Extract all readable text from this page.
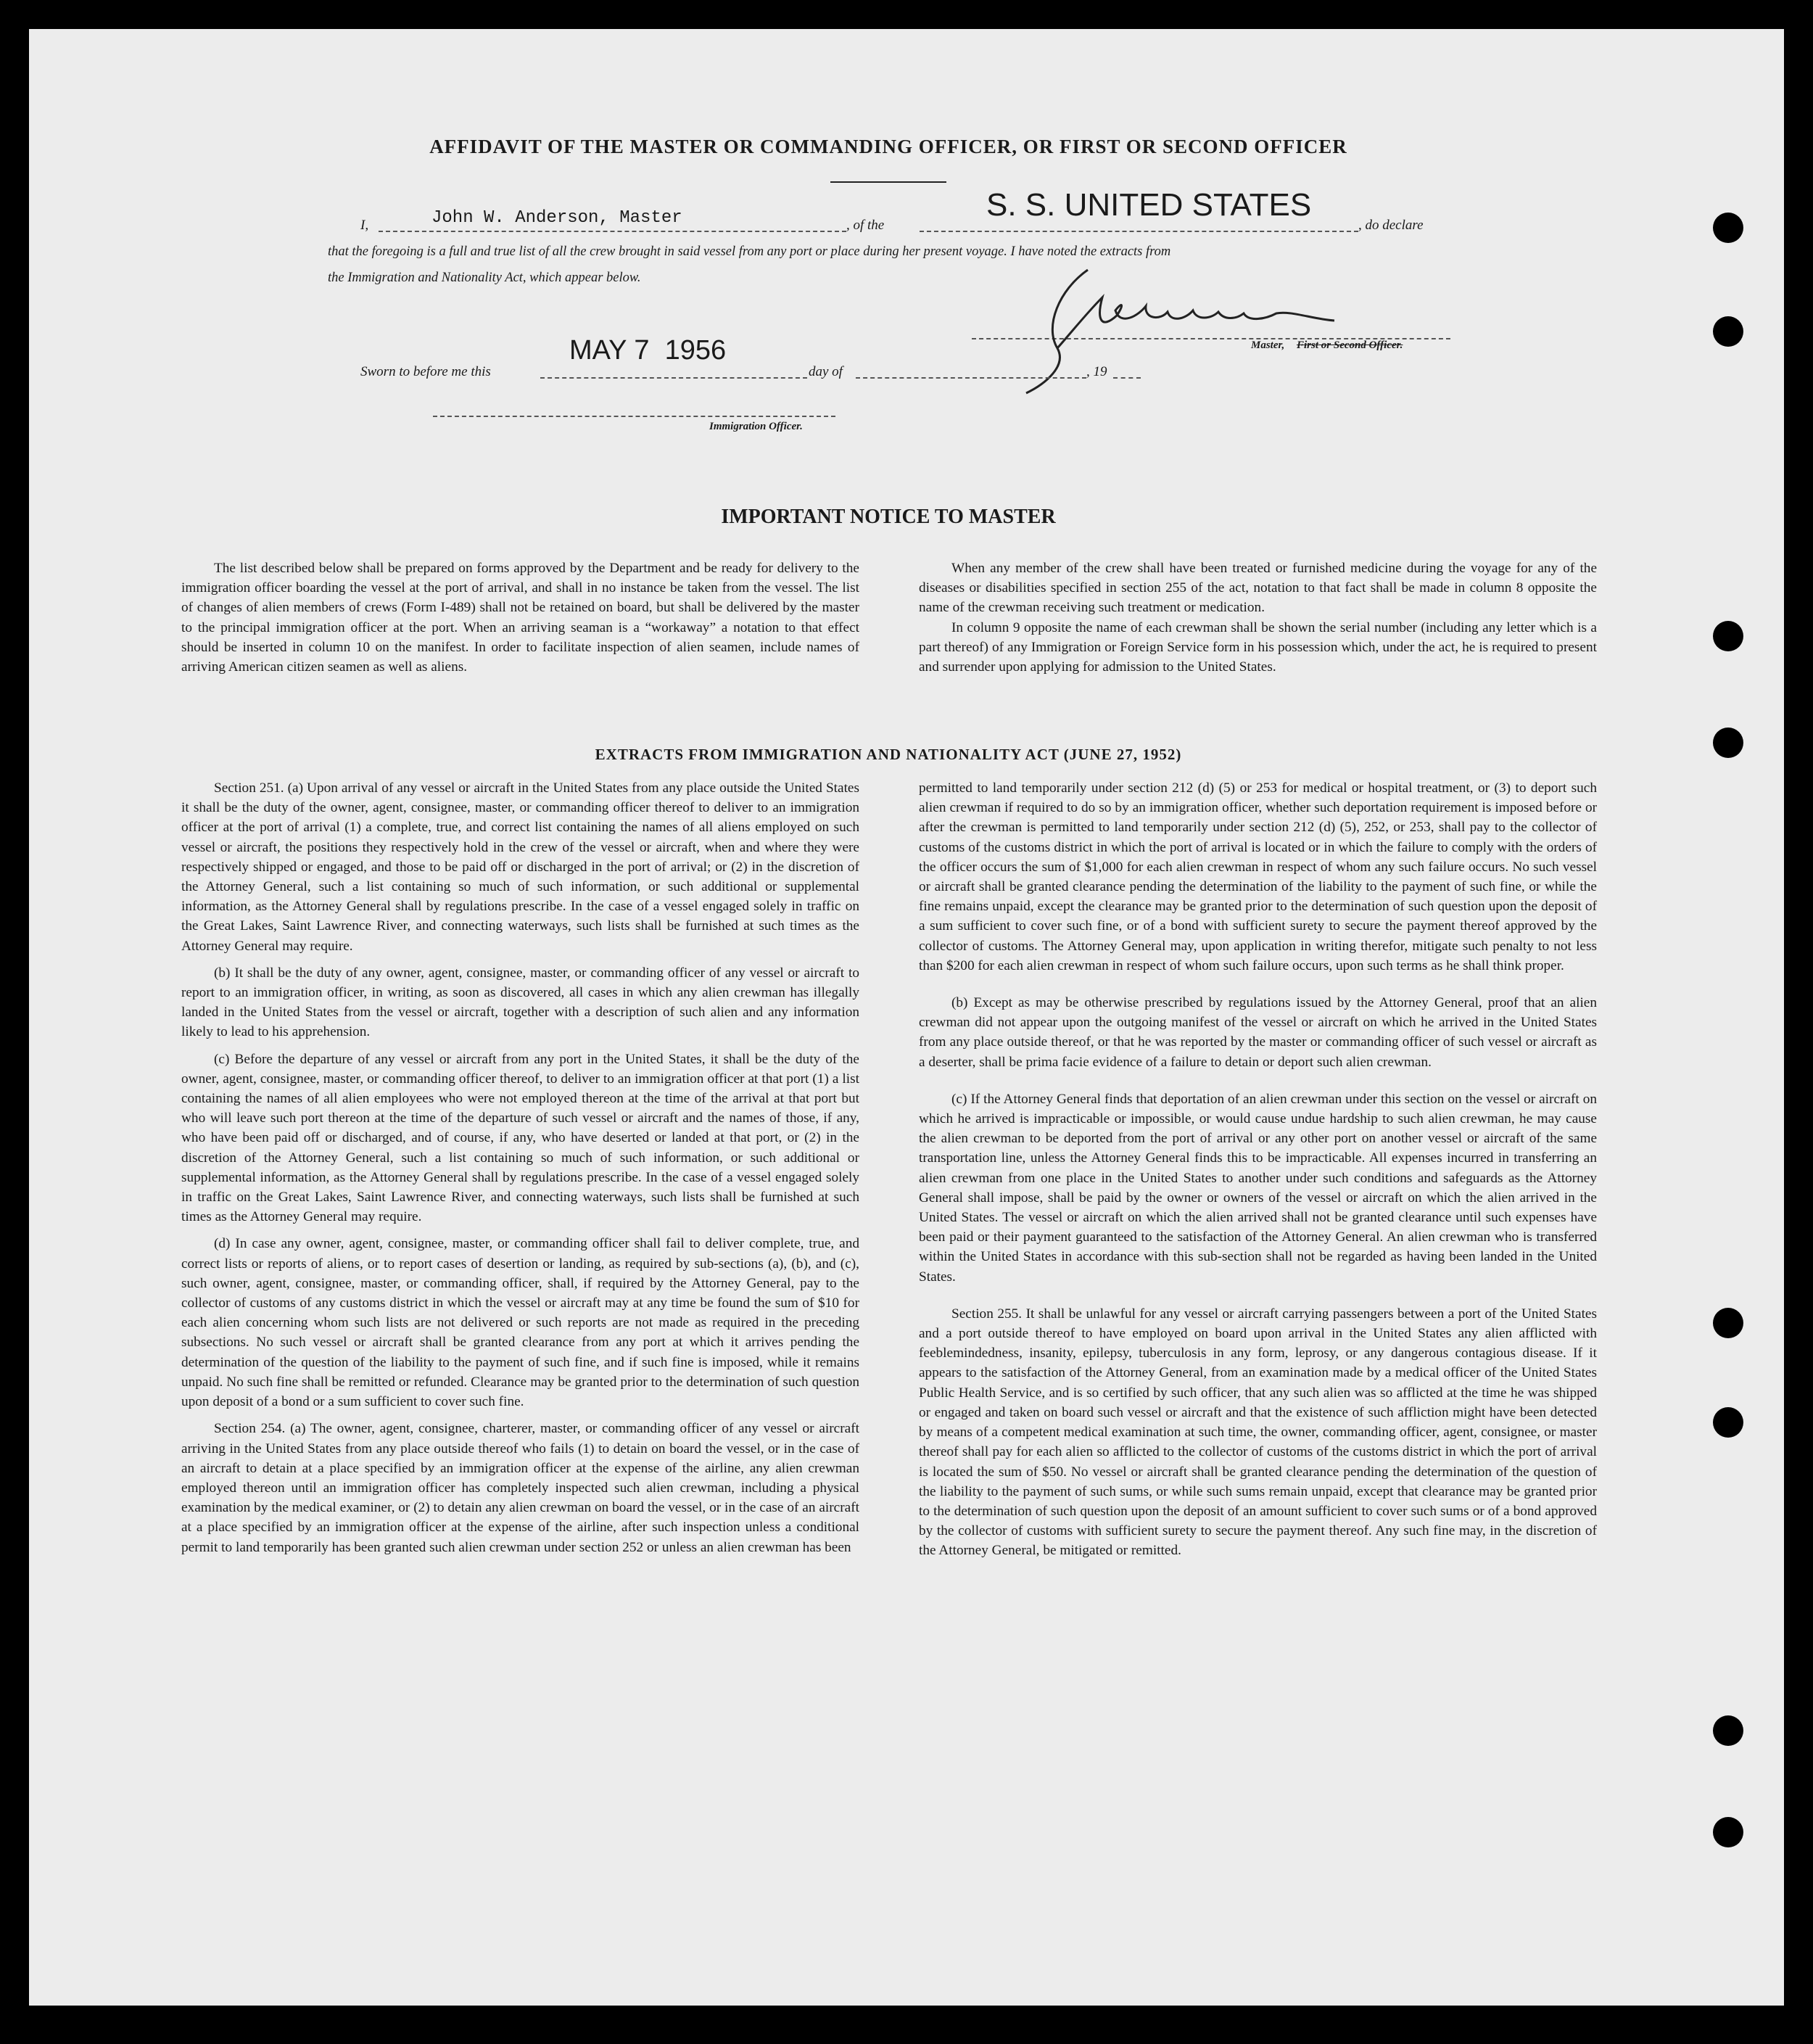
AFFIDAVIT OF THE MASTER OR COMMANDING OFFICER, OR FIRST OR SECOND OFFICER
I,	John W. Anderson, Master	, of the
S. S. UNITED STATES
, do declare
that the foregoing is a full and true list of all the crew brought in said vessel from any port or place during her present voyage. I have noted the extracts from
the Immigration and Nationality Act, which appear below.
Master, First or Second Officer.
Sworn to before me this
MAY 7  1956
day of	, 19
Immigration Officer.
IMPORTANT NOTICE TO MASTER

The list described below shall be prepared on forms approved by the Department and be ready for delivery to the immigration officer boarding the vessel at the port of arrival, and shall in no instance be taken from the vessel. The list of changes of alien members of crews (Form I-489) shall not be retained on board, but shall be delivered by the master to the principal immigration officer at the port. When an arriving seaman is a “workaway” a notation to that effect should be inserted in column 10 on the manifest. In order to facilitate inspection of alien seamen, include names of arriving American citizen seamen as well as aliens.

When any member of the crew shall have been treated or furnished medicine during the voyage for any of the diseases or disabilities specified in section 255 of the act, notation to that fact shall be made in column 8 opposite the name of the crewman receiving such treatment or medication.

In column 9 opposite the name of each crewman shall be shown the serial number (including any letter which is a part thereof) of any Immigration or Foreign Service form in his possession which, under the act, he is required to present and surrender upon applying for admission to the United States.

EXTRACTS FROM IMMIGRATION AND NATIONALITY ACT (JUNE 27, 1952)

Section 251. (a) Upon arrival of any vessel or aircraft in the United States from any place outside the United States it shall be the duty of the owner, agent, consignee, master, or commanding officer thereof to deliver to an immigration officer at the port of arrival (1) a complete, true, and correct list containing the names of all aliens employed on such vessel or aircraft, the positions they respectively hold in the crew of the vessel or aircraft, when and where they were respectively shipped or engaged, and those to be paid off or discharged in the port of arrival; or (2) in the discretion of the Attorney General, such a list containing so much of such information, or such additional or supplemental information, as the Attorney General shall by regulations prescribe. In the case of a vessel engaged solely in traffic on the Great Lakes, Saint Lawrence River, and connecting waterways, such lists shall be furnished at such times as the Attorney General may require.

(b) It shall be the duty of any owner, agent, consignee, master, or commanding officer of any vessel or aircraft to report to an immigration officer, in writing, as soon as discovered, all cases in which any alien crewman has illegally landed in the United States from the vessel or aircraft, together with a description of such alien and any information likely to lead to his apprehension.

(c) Before the departure of any vessel or aircraft from any port in the United States, it shall be the duty of the owner, agent, consignee, master, or commanding officer thereof, to deliver to an immigration officer at that port (1) a list containing the names of all alien employees who were not employed thereon at the time of the arrival at that port but who will leave such port thereon at the time of the departure of such vessel or aircraft and the names of those, if any, who have been paid off or discharged, and of course, if any, who have deserted or landed at that port, or (2) in the discretion of the Attorney General, such a list containing so much of such information, or such additional or supplemental information, as the Attorney General shall by regulations prescribe. In the case of a vessel engaged solely in traffic on the Great Lakes, Saint Lawrence River, and connecting waterways, such lists shall be furnished at such times as the Attorney General may require.

(d) In case any owner, agent, consignee, master, or commanding officer shall fail to deliver complete, true, and correct lists or reports of aliens, or to report cases of desertion or landing, as required by sub-sections (a), (b), and (c), such owner, agent, consignee, master, or commanding officer, shall, if required by the Attorney General, pay to the collector of customs of any customs district in which the vessel or aircraft may at any time be found the sum of $10 for each alien concerning whom such lists are not delivered or such reports are not made as required in the preceding subsections. No such vessel or aircraft shall be granted clearance from any port at which it arrives pending the determination of the question of the liability to the payment of such fine, and if such fine is imposed, while it remains unpaid. No such fine shall be remitted or refunded. Clearance may be granted prior to the determination of such question upon deposit of a bond or a sum sufficient to cover such fine.

Section 254. (a) The owner, agent, consignee, charterer, master, or commanding officer of any vessel or aircraft arriving in the United States from any place outside thereof who fails (1) to detain on board the vessel, or in the case of an aircraft to detain at a place specified by an immigration officer at the expense of the airline, any alien crewman employed thereon until an immigration officer has completely inspected such alien crewman, including a physical examination by the medical examiner, or (2) to detain any alien crewman on board the vessel, or in the case of an aircraft at a place specified by an immigration officer at the expense of the airline, after such inspection unless a conditional permit to land temporarily has been granted such alien crewman under section 252 or unless an alien crewman has been

permitted to land temporarily under section 212 (d) (5) or 253 for medical or hospital treatment, or (3) to deport such alien crewman if required to do so by an immigration officer, whether such deportation requirement is imposed before or after the crewman is permitted to land temporarily under section 212 (d) (5), 252, or 253, shall pay to the collector of customs of the customs district in which the port of arrival is located or in which the failure to comply with the orders of the officer occurs the sum of $1,000 for each alien crewman in respect of whom any such failure occurs. No such vessel or aircraft shall be granted clearance pending the determination of the liability to the payment of such fine, or while the fine remains unpaid, except the clearance may be granted prior to the determination of such question upon the deposit of a sum sufficient to cover such fine, or of a bond with sufficient surety to secure the payment thereof approved by the collector of customs. The Attorney General may, upon application in writing therefor, mitigate such penalty to not less than $200 for each alien crewman in respect of whom such failure occurs, upon such terms as he shall think proper.

(b) Except as may be otherwise prescribed by regulations issued by the Attorney General, proof that an alien crewman did not appear upon the outgoing manifest of the vessel or aircraft on which he arrived in the United States from any place outside thereof, or that he was reported by the master or commanding officer of such vessel or aircraft as a deserter, shall be prima facie evidence of a failure to detain or deport such alien crewman.

(c) If the Attorney General finds that deportation of an alien crewman under this section on the vessel or aircraft on which he arrived is impracticable or impossible, or would cause undue hardship to such alien crewman, he may cause the alien crewman to be deported from the port of arrival or any other port on another vessel or aircraft of the same transportation line, unless the Attorney General finds this to be impracticable. All expenses incurred in transferring an alien crewman from one place in the United States to another under such conditions and safeguards as the Attorney General shall impose, shall be paid by the owner or owners of the vessel or aircraft on which the alien arrived in the United States. The vessel or aircraft on which the alien arrived shall not be granted clearance until such expenses have been paid or their payment guaranteed to the satisfaction of the Attorney General. An alien crewman who is transferred within the United States in accordance with this sub-section shall not be regarded as having been landed in the United States.

Section 255. It shall be unlawful for any vessel or aircraft carrying passengers between a port of the United States and a port outside thereof to have employed on board upon arrival in the United States any alien afflicted with feeblemindedness, insanity, epilepsy, tuberculosis in any form, leprosy, or any dangerous contagious disease. If it appears to the satisfaction of the Attorney General, from an examination made by a medical officer of the United States Public Health Service, and is so certified by such officer, that any such alien was so afflicted at the time he was shipped or engaged and taken on board such vessel or aircraft and that the existence of such affliction might have been detected by means of a competent medical examination at such time, the owner, commanding officer, agent, consignee, or master thereof shall pay for each alien so afflicted to the collector of customs of the customs district in which the port of arrival is located the sum of $50. No vessel or aircraft shall be granted clearance pending the determination of the question of the liability to the payment of such sums, or while such sums remain unpaid, except that clearance may be granted prior to the determination of such question upon the deposit of an amount sufficient to cover such sums or of a bond approved by the collector of customs with sufficient surety to secure the payment thereof. Any such fine may, in the discretion of the Attorney General, be mitigated or remitted.
